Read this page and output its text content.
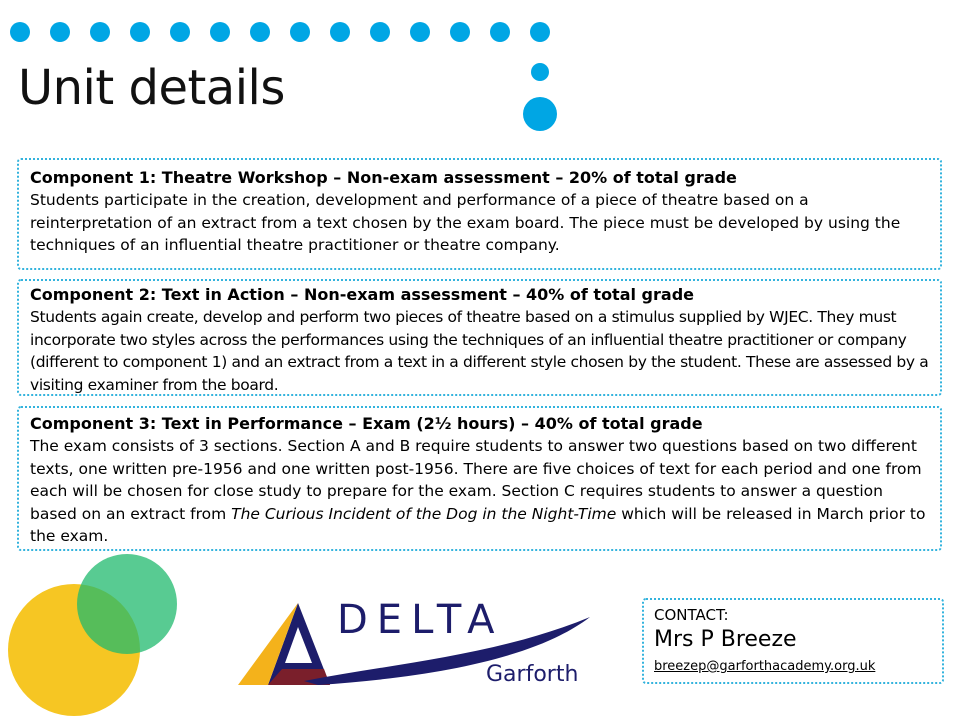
Unit details
Component 1: Theatre Workshop – Non-exam assessment – 20% of total grade

Students participate in the creation, development and performance of a piece of theatre based on a reinterpretation of an extract from a text chosen by the exam board. The piece must be developed by using the techniques of an influential theatre practitioner or theatre company.

Component 2: Text in Action – Non-exam assessment – 40% of total grade

Students again create, develop and perform two pieces of theatre based on a stimulus supplied by WJEC. They must incorporate two styles across the performances using the techniques of an influential theatre practitioner or company (different to component 1) and an extract from a text in a different style chosen by the student. These are assessed by a visiting examiner from the board.

Component 3: Text in Performance – Exam (2½ hours) – 40% of total grade

The exam consists of 3 sections. Section A and B require students to answer two questions based on two different texts, one written pre-1956 and one written post-1956. There are five choices of text for each period and one from each will be chosen for close study to prepare for the exam. Section C requires students to answer a question based on an extract from The Curious Incident of the Dog in the Night-Time which will be released in March prior to the exam.

DELTA
Garforth
CONTACT:
Mrs P Breeze
breezep@garforthacademy.org.uk
